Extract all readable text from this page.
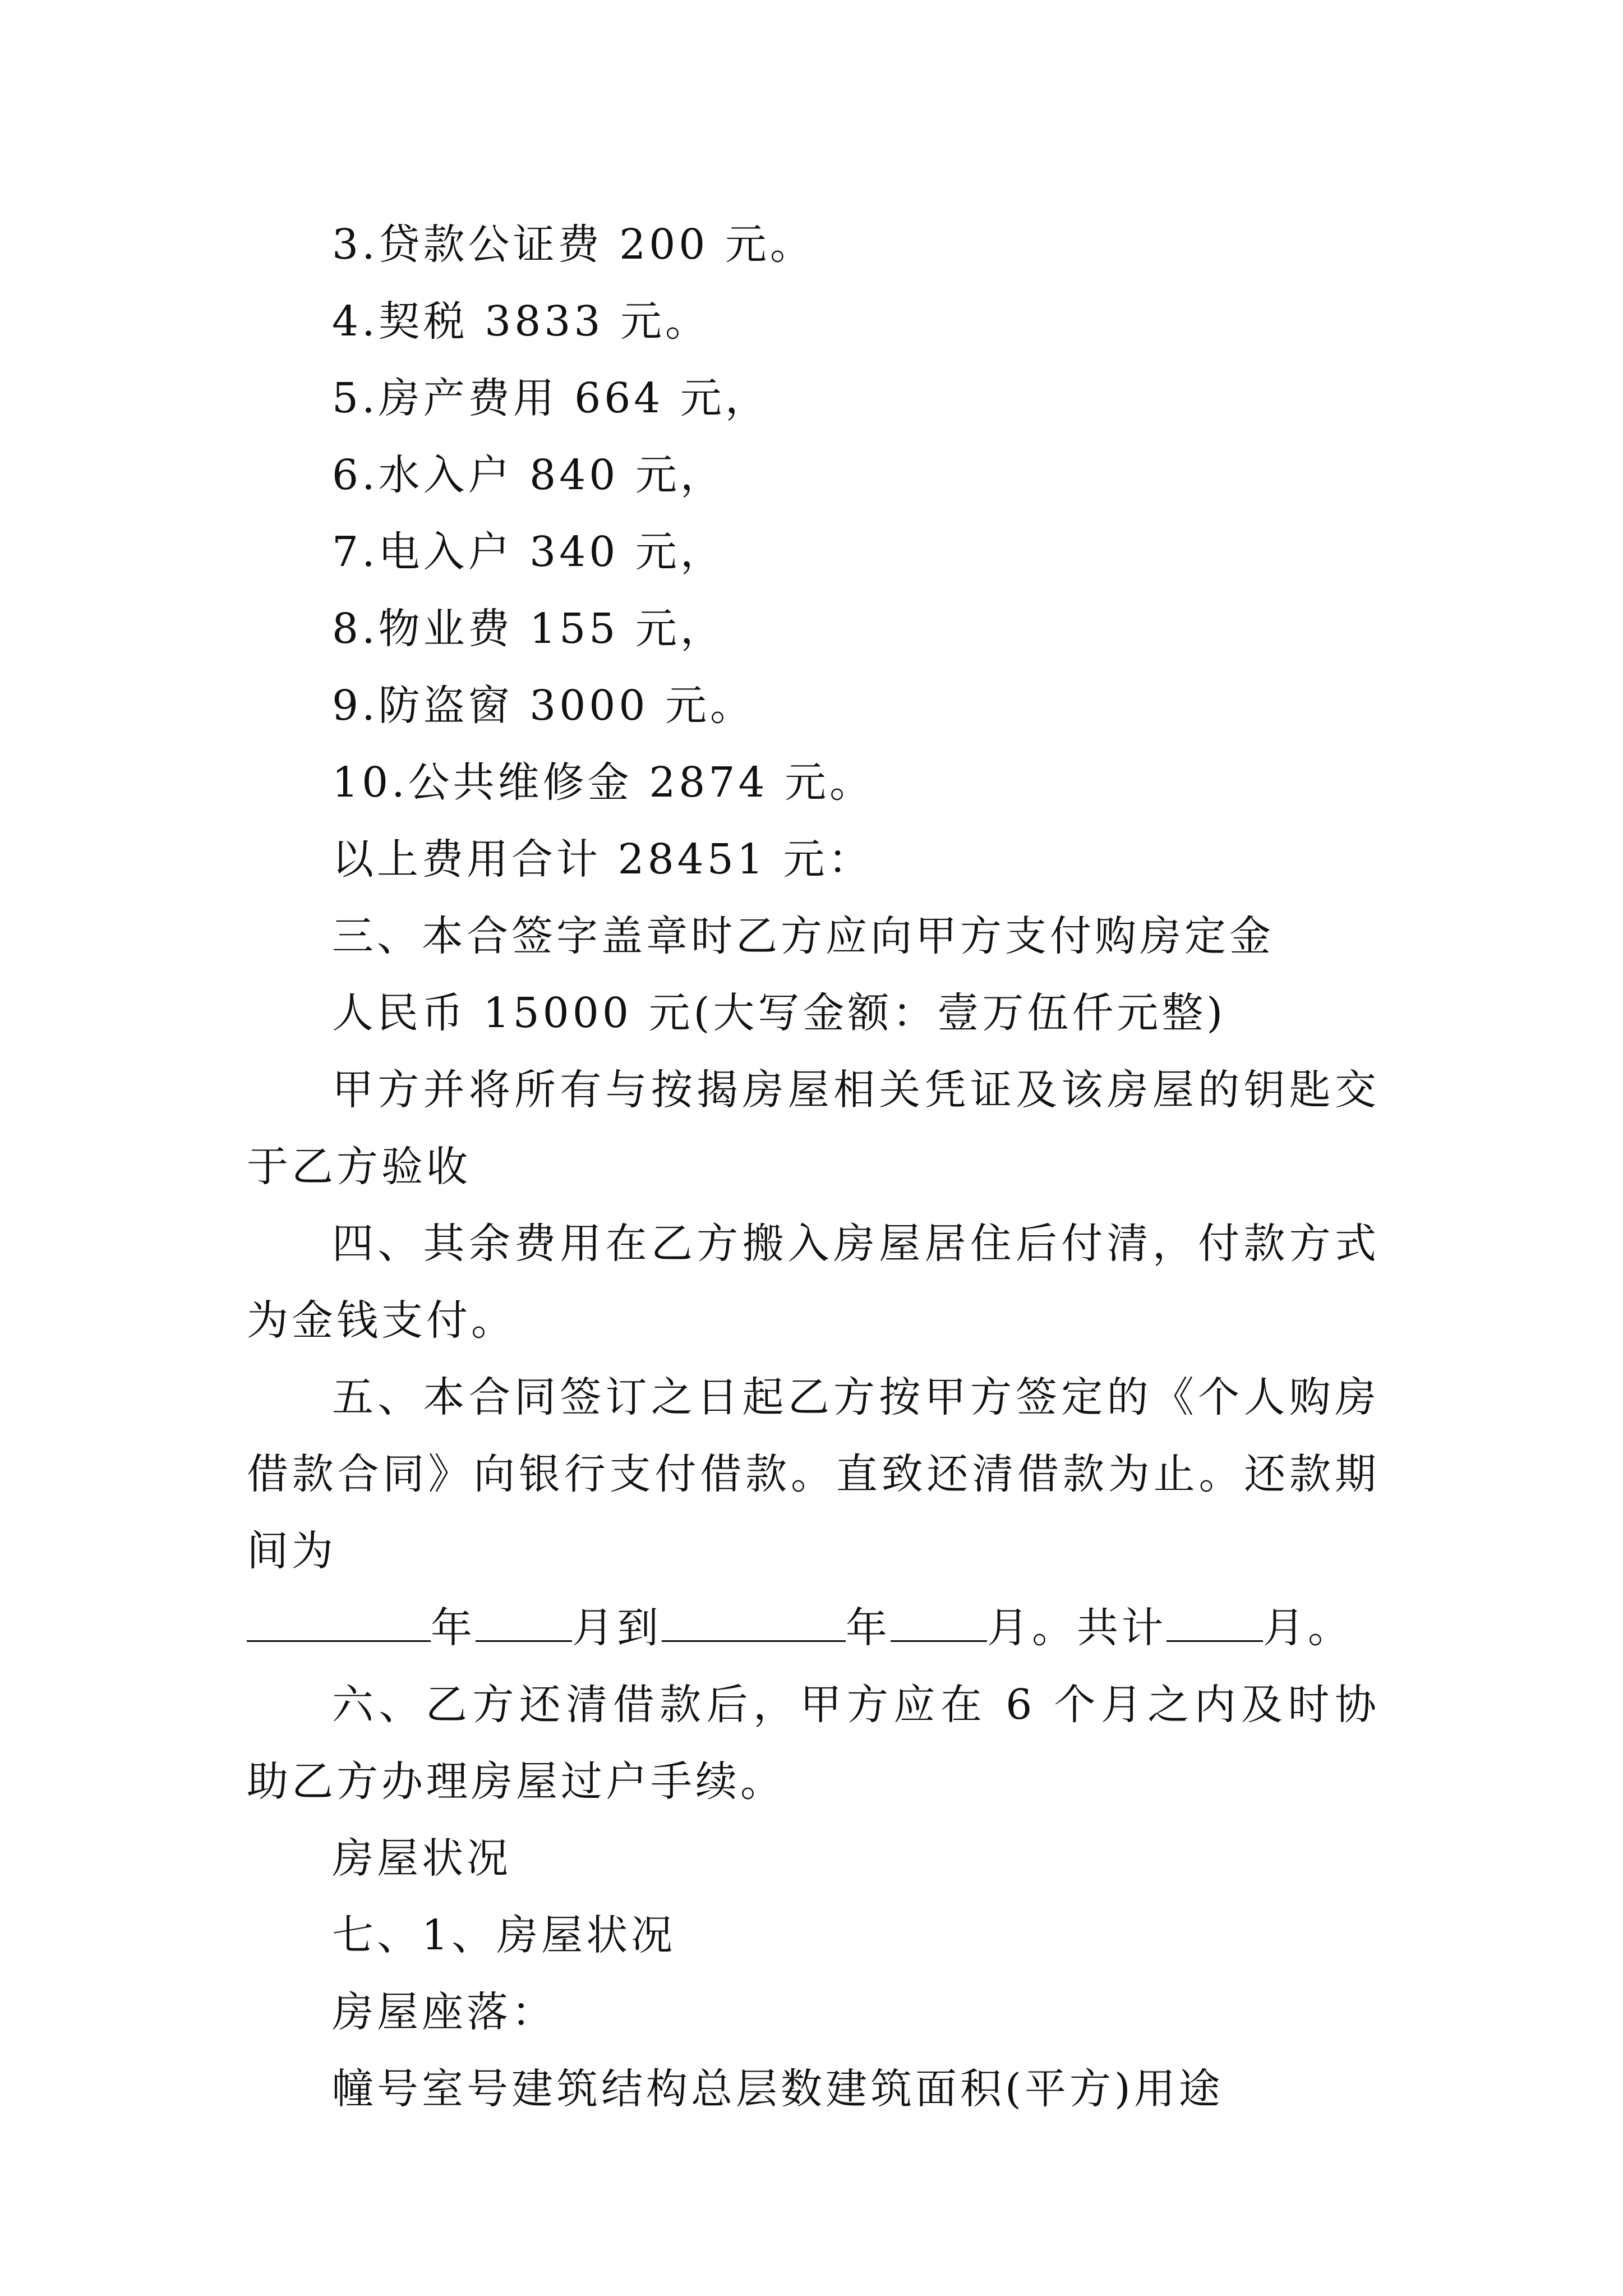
3.贷款公证费 200 元。

4.契税 3833 元。

5.房产费用 664 元，

6.水入户 840 元，

7.电入户 340 元，

8.物业费 155 元，

9.防盗窗 3000 元。

10.公共维修金 2874 元。

以上费用合计 28451 元：

三、本合签字盖章时乙方应向甲方支付购房定金

人民币 15000 元(大写金额：壹万伍仟元整)

甲方并将所有与按揭房屋相关凭证及该房屋的钥匙交于乙方验收

四、其余费用在乙方搬入房屋居住后付清，付款方式为金钱支付。

五、本合同签订之日起乙方按甲方签定的《个人购房借款合同》向银行支付借款。直致还清借款为止。还款期间为

年 月到	年 月。共计 月。

六、乙方还清借款后，甲方应在 6 个月之内及时协助乙方办理房屋过户手续。

房屋状况

七、1、房屋状况

房屋座落：

幢号室号建筑结构总层数建筑面积(平方)用途
